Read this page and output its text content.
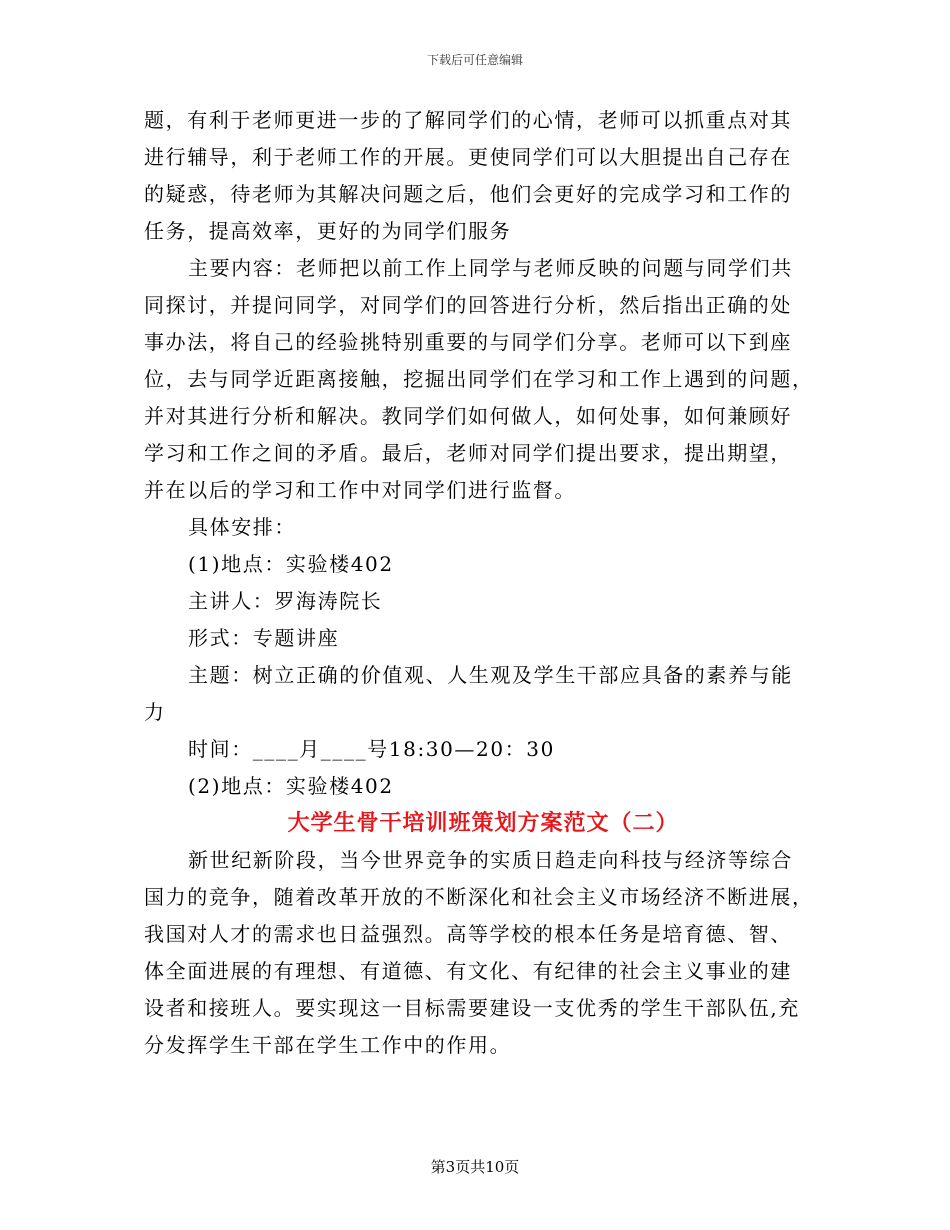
下载后可任意编辑
题，有利于老师更进一步的了解同学们的心情，老师可以抓重点对其
进行辅导，利于老师工作的开展。更使同学们可以大胆提出自己存在
的疑惑，待老师为其解决问题之后，他们会更好的完成学习和工作的
任务，提高效率，更好的为同学们服务
主要内容：老师把以前工作上同学与老师反映的问题与同学们共
同探讨，并提问同学，对同学们的回答进行分析，然后指出正确的处
事办法，将自己的经验挑特别重要的与同学们分享。老师可以下到座
位，去与同学近距离接触，挖掘出同学们在学习和工作上遇到的问题，
并对其进行分析和解决。教同学们如何做人，如何处事，如何兼顾好
学习和工作之间的矛盾。最后，老师对同学们提出要求，提出期望，
并在以后的学习和工作中对同学们进行监督。
具体安排：
(1)地点：实验楼402
主讲人：罗海涛院长
形式：专题讲座
主题：树立正确的价值观、人生观及学生干部应具备的素养与能
力
时间：____月____号18:30—20：30
(2)地点：实验楼402
大学生骨干培训班策划方案范文（二）
新世纪新阶段，当今世界竞争的实质日趋走向科技与经济等综合
国力的竞争，随着改革开放的不断深化和社会主义市场经济不断进展，
我国对人才的需求也日益强烈。高等学校的根本任务是培育德、智、
体全面进展的有理想、有道德、有文化、有纪律的社会主义事业的建
设者和接班人。要实现这一目标需要建设一支优秀的学生干部队伍,充
分发挥学生干部在学生工作中的作用。
第3页共10页
